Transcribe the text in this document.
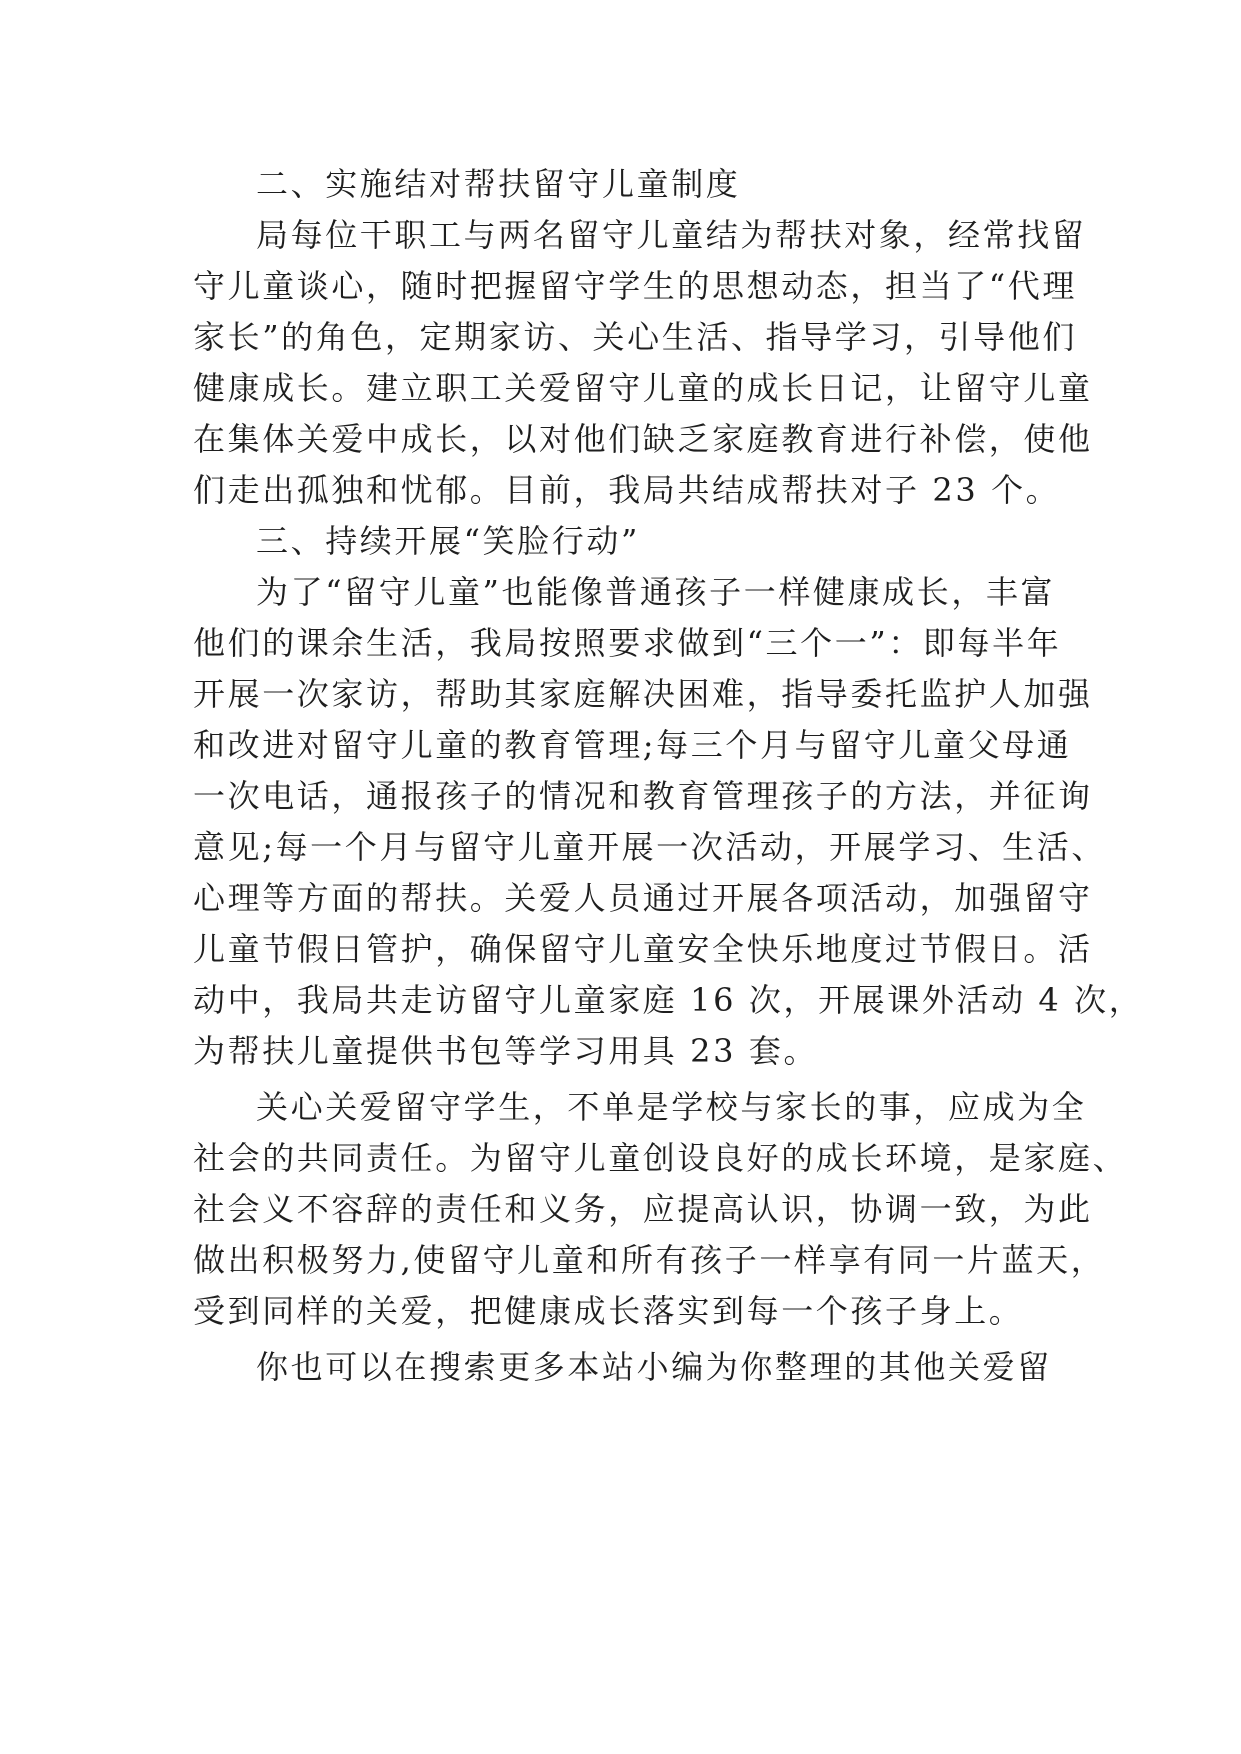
二、实施结对帮扶留守儿童制度
局每位干职工与两名留守儿童结为帮扶对象，经常找留
守儿童谈心，随时把握留守学生的思想动态，担当了“代理
家长”的角色，定期家访、关心生活、指导学习，引导他们
健康成长。建立职工关爱留守儿童的成长日记，让留守儿童
在集体关爱中成长，以对他们缺乏家庭教育进行补偿，使他
们走出孤独和忧郁。目前，我局共结成帮扶对子 23 个。
三、持续开展“笑脸行动”
为了“留守儿童”也能像普通孩子一样健康成长，丰富
他们的课余生活，我局按照要求做到“三个一”：即每半年
开展一次家访，帮助其家庭解决困难，指导委托监护人加强
和改进对留守儿童的教育管理;每三个月与留守儿童父母通
一次电话，通报孩子的情况和教育管理孩子的方法，并征询
意见;每一个月与留守儿童开展一次活动，开展学习、生活、
心理等方面的帮扶。关爱人员通过开展各项活动，加强留守
儿童节假日管护，确保留守儿童安全快乐地度过节假日。活
动中，我局共走访留守儿童家庭 16 次，开展课外活动 4 次，
为帮扶儿童提供书包等学习用具 23 套。
关心关爱留守学生，不单是学校与家长的事，应成为全
社会的共同责任。为留守儿童创设良好的成长环境，是家庭、
社会义不容辞的责任和义务，应提高认识，协调一致，为此
做出积极努力,使留守儿童和所有孩子一样享有同一片蓝天，
受到同样的关爱，把健康成长落实到每一个孩子身上。
你也可以在搜索更多本站小编为你整理的其他关爱留
